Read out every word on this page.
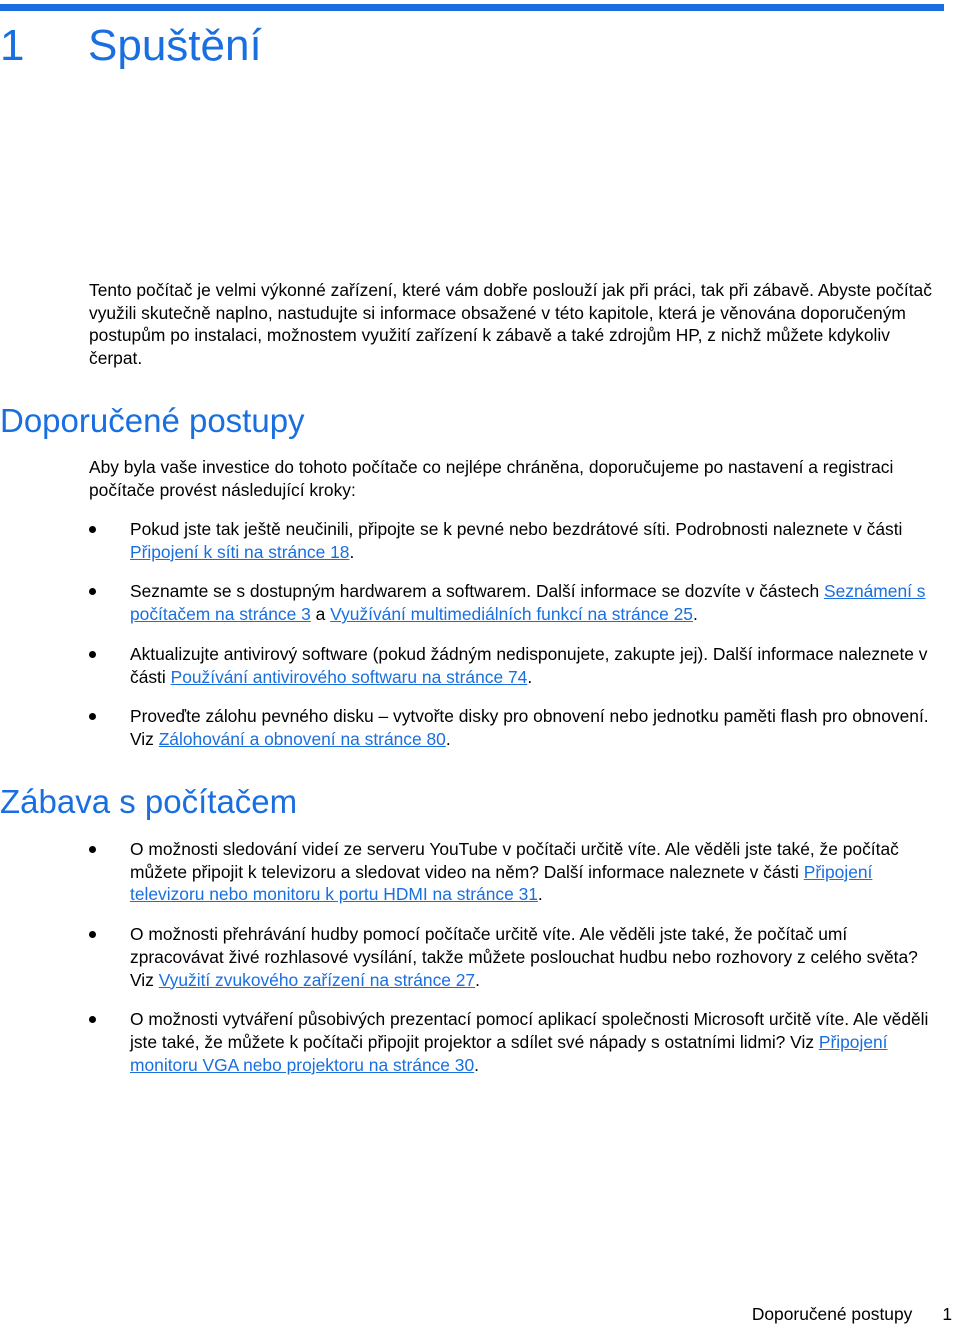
1 Spuštění

Tento počítač je velmi výkonné zařízení, které vám dobře poslouží jak při práci, tak při zábavě. Abyste počítač využili skutečně naplno, nastudujte si informace obsažené v této kapitole, která je věnována doporučeným postupům po instalaci, možnostem využití zařízení k zábavě a také zdrojům HP, z nichž můžete kdykoliv čerpat.

Doporučené postupy

Aby byla vaše investice do tohoto počítače co nejlépe chráněna, doporučujeme po nastavení a registraci počítače provést následující kroky:

Pokud jste tak ještě neučinili, připojte se k pevné nebo bezdrátové síti. Podrobnosti naleznete v části Připojení k síti na stránce 18.
Seznamte se s dostupným hardwarem a softwarem. Další informace se dozvíte v částech Seznámení s počítačem na stránce 3 a Využívání multimediálních funkcí na stránce 25.
Aktualizujte antivirový software (pokud žádným nedisponujete, zakupte jej). Další informace naleznete v části Používání antivirového softwaru na stránce 74.
Proveďte zálohu pevného disku – vytvořte disky pro obnovení nebo jednotku paměti flash pro obnovení. Viz Zálohování a obnovení na stránce 80.
Zábava s počítačem
O možnosti sledování videí ze serveru YouTube v počítači určitě víte. Ale věděli jste také, že počítač můžete připojit k televizoru a sledovat video na něm? Další informace naleznete v části Připojení televizoru nebo monitoru k portu HDMI na stránce 31.
O možnosti přehrávání hudby pomocí počítače určitě víte. Ale věděli jste také, že počítač umí zpracovávat živé rozhlasové vysílání, takže můžete poslouchat hudbu nebo rozhovory z celého světa? Viz Využití zvukového zařízení na stránce 27.
O možnosti vytváření působivých prezentací pomocí aplikací společnosti Microsoft určitě víte. Ale věděli jste také, že můžete k počítači připojit projektor a sdílet své nápady s ostatními lidmi? Viz Připojení monitoru VGA nebo projektoru na stránce 30.
Doporučené postupy 1
